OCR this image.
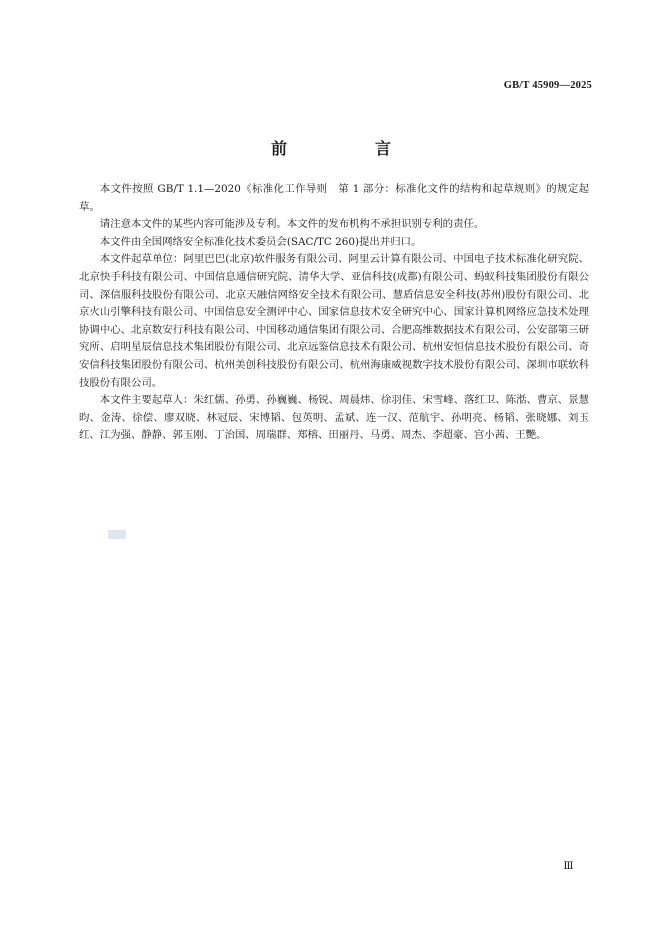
GB/T 45909—2025
前　言

本文件按照 GB/T 1.1—2020《标准化工作导则　第 1 部分：标准化文件的结构和起草规则》的规定起草。

请注意本文件的某些内容可能涉及专利。本文件的发布机构不承担识别专利的责任。

本文件由全国网络安全标准化技术委员会(SAC/TC 260)提出并归口。

本文件起草单位：阿里巴巴(北京)软件服务有限公司、阿里云计算有限公司、中国电子技术标准化研究院、北京快手科技有限公司、中国信息通信研究院、清华大学、亚信科技(成都)有限公司、蚂蚁科技集团股份有限公司、深信服科技股份有限公司、北京天融信网络安全技术有限公司、慧盾信息安全科技(苏州)股份有限公司、北京火山引擎科技有限公司、中国信息安全测评中心、国家信息技术安全研究中心、国家计算机网络应急技术处理协调中心、北京数安行科技有限公司、中国移动通信集团有限公司、合肥高维数据技术有限公司、公安部第三研究所、启明星辰信息技术集团股份有限公司、北京远鉴信息技术有限公司、杭州安恒信息技术股份有限公司、奇安信科技集团股份有限公司、杭州美创科技股份有限公司、杭州海康威视数字技术股份有限公司、深圳市联软科技股份有限公司。

本文件主要起草人：朱红儒、孙勇、孙巍巍、杨锐、周晨炜、徐羽佳、宋雪峰、落红卫、陈湉、曹京、景慧昀、金涛、徐偿、廖双晓、林冠辰、宋博韬、包英明、孟斌、连一汉、范航宇、孙明亮、杨韬、张晓娜、刘玉红、江为强、静静、郭玉刚、丁治国、周瑞群、郑榕、田丽丹、马勇、周杰、李超豪、宫小茜、王艷。

Ⅲ
